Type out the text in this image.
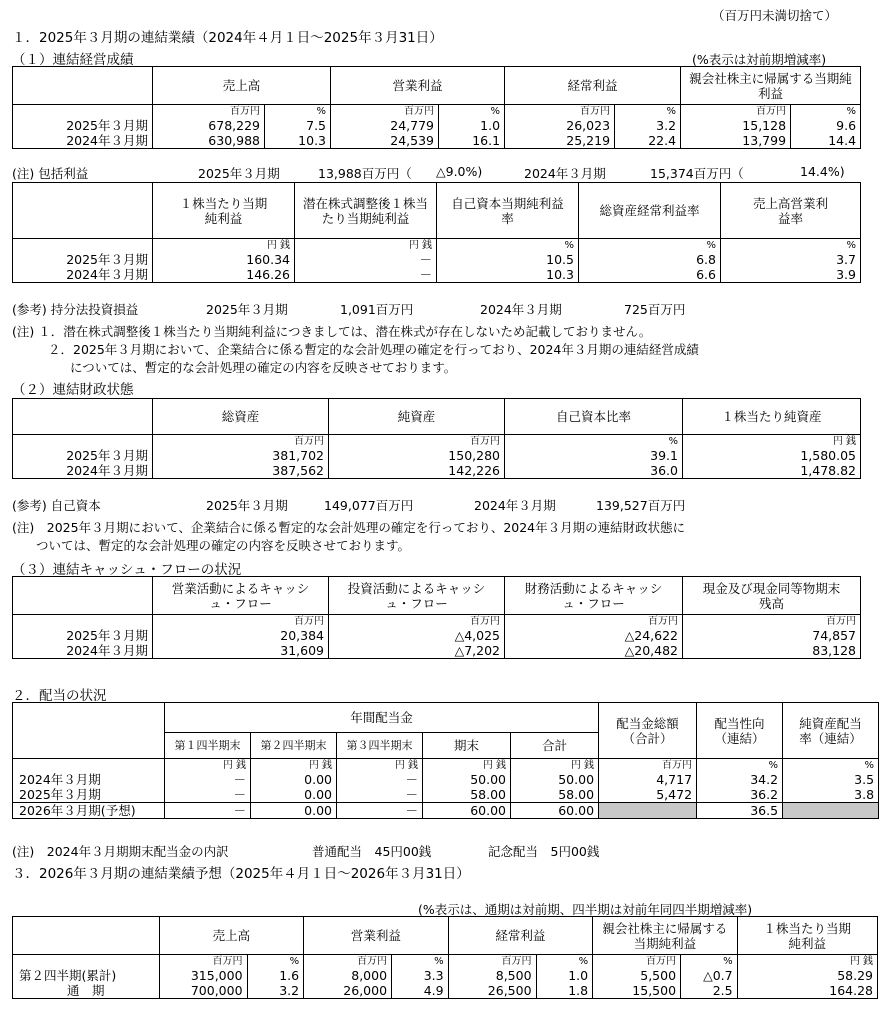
（百万円未満切捨て）
１．2025年３月期の連結業績（2024年４月１日～2025年３月31日）
（１）連結経営成績	(%表示は対前期増減率)
	売上高		営業利益		経常利益		親会社株主に帰属する当期純利益	
	百万円	%	百万円	%	百万円	%	百万円	%
2025年３月期	678,229	7.5	24,779	1.0	26,023	3.2	15,128	9.6
2024年３月期	630,988	10.3	24,539	16.1	25,219	22.4	13,799	14.4
(注) 包括利益	2025年３月期	13,988百万円（ △9.0%)	2024年３月期	15,374百万円（	14.4%)
	１株当たり当期純利益	潜在株式調整後１株当たり当期純利益	自己資本当期純利益率	総資産経常利益率	売上高営業利益率
	円 銭	円 銭	%	%	%
2025年３月期	160.34	－	10.5	6.8	3.7
2024年３月期	146.26	－	10.3	6.6	3.9
(参考) 持分法投資損益	2025年３月期	1,091百万円	2024年３月期	725百万円
(注) １．潜在株式調整後１株当たり当期純利益につきましては、潜在株式が存在しないため記載しておりません。
２．2025年３月期において、企業結合に係る暫定的な会計処理の確定を行っており、2024年３月期の連結経営成績
については、暫定的な会計処理の確定の内容を反映させております。
（２）連結財政状態
	総資産	純資産	自己資本比率	１株当たり純資産
	百万円	百万円	%	円 銭
2025年３月期	381,702	150,280	39.1	1,580.05
2024年３月期	387,562	142,226	36.0	1,478.82
(参考) 自己資本	2025年３月期	149,077百万円	2024年３月期	139,527百万円
(注)　2025年３月期において、企業結合に係る暫定的な会計処理の確定を行っており、2024年３月期の連結財政状態に
ついては、暫定的な会計処理の確定の内容を反映させております。
（３）連結キャッシュ・フローの状況
	営業活動によるキャッシュ・フロー	投資活動によるキャッシュ・フロー	財務活動によるキャッシュ・フロー	現金及び現金同等物期末残高
	百万円	百万円	百万円	百万円
2025年３月期	20,384	△4,025	△24,622	74,857
2024年３月期	31,609	△7,202	△20,482	83,128
２．配当の状況
	年間配当金					配当金総額（合計）	配当性向（連結）	純資産配当率（連結）
	第１四半期末	第２四半期末	第３四半期末	期末	合計			
	円 銭	円 銭	円 銭	円 銭	円 銭	百万円	%	%
2024年３月期	－	0.00	－	50.00	50.00	4,717	34.2	3.5
2025年３月期	－	0.00	－	58.00	58.00	5,472	36.2	3.8
2026年３月期(予想)	－	0.00	－	60.00	60.00		36.5	
(注)　2024年３月期期末配当金の内訳	普通配当　45円00銭	記念配当　5円00銭
３．2026年３月期の連結業績予想（2025年４月１日～2026年３月31日）
(%表示は、通期は対前期、四半期は対前年同四半期増減率)
	売上高		営業利益		経常利益		親会社株主に帰属する当期純利益		１株当たり当期純利益
	百万円	%	百万円	%	百万円	%	百万円	%	円 銭
第２四半期(累計)	315,000	1.6	8,000	3.3	8,500	1.0	5,500	△0.7	58.29
通　期	700,000	3.2	26,000	4.9	26,500	1.8	15,500	2.5	164.28
